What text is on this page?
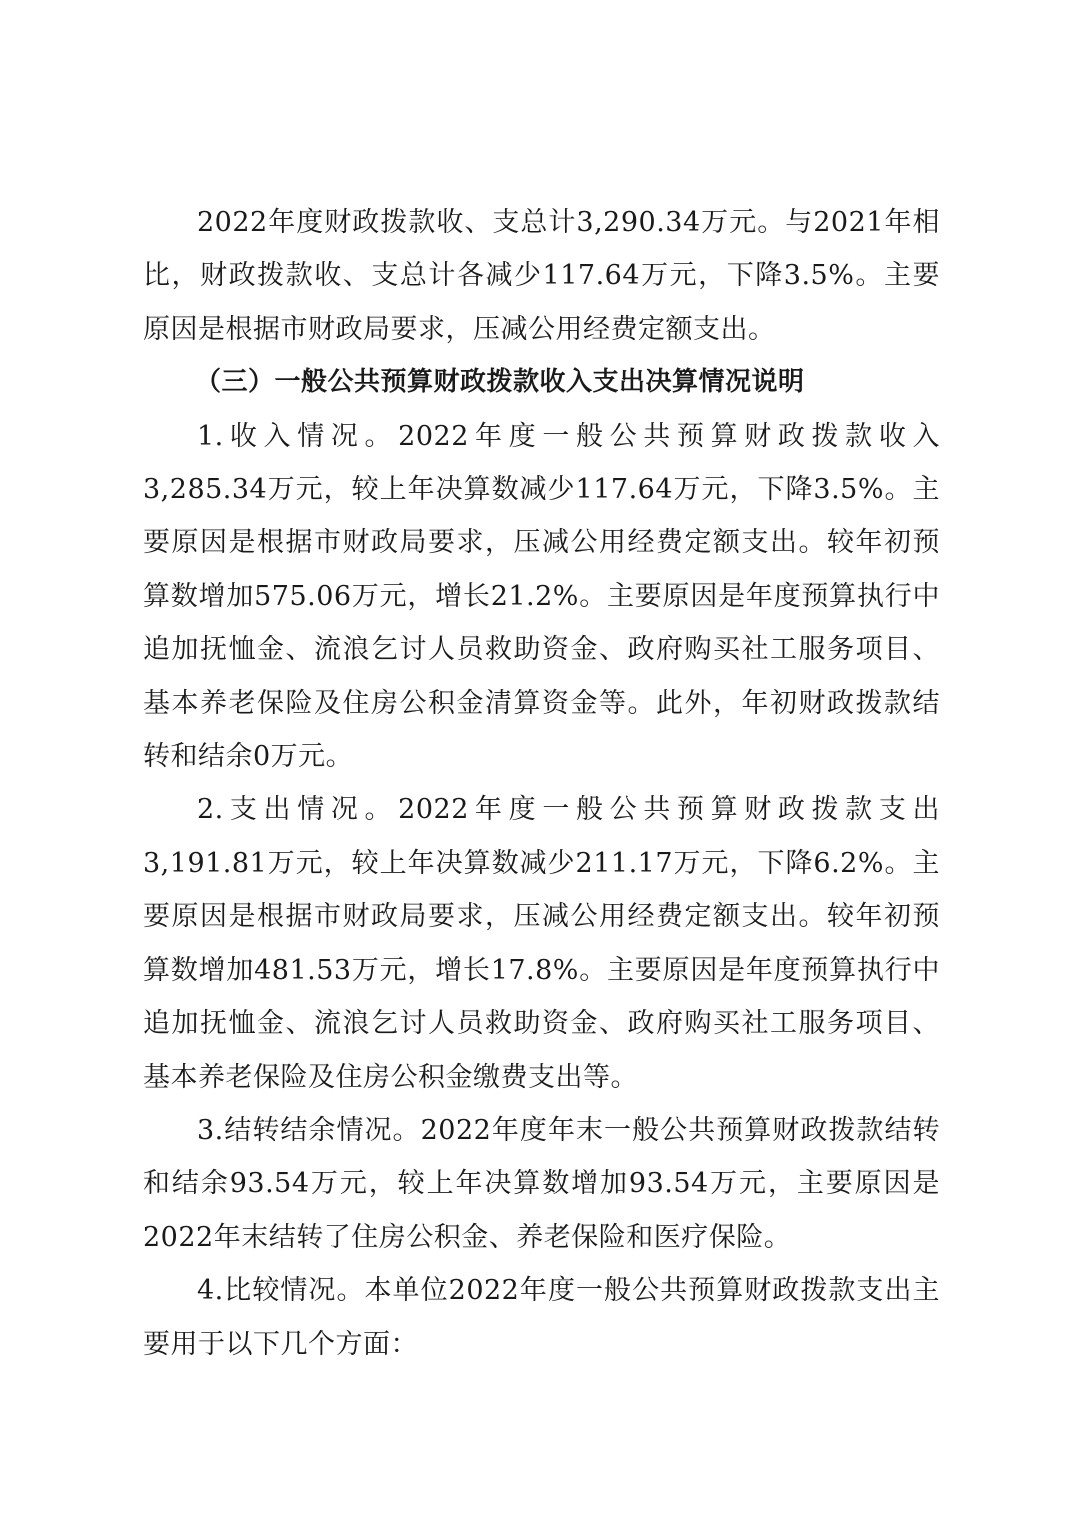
2022年度财政拨款收、支总计3,290.34万元。与2021年相比，财政拨款收、支总计各减少117.64万元，下降3.5%。主要原因是根据市财政局要求，压减公用经费定额支出。

（三）一般公共预算财政拨款收入支出决算情况说明

1.收入情况。2022年度一般公共预算财政拨款收入3,285.34万元，较上年决算数减少117.64万元，下降3.5%。主要原因是根据市财政局要求，压减公用经费定额支出。较年初预算数增加575.06万元，增长21.2%。主要原因是年度预算执行中追加抚恤金、流浪乞讨人员救助资金、政府购买社工服务项目、基本养老保险及住房公积金清算资金等。此外，年初财政拨款结转和结余0万元。

2.支出情况。2022年度一般公共预算财政拨款支出3,191.81万元，较上年决算数减少211.17万元，下降6.2%。主要原因是根据市财政局要求，压减公用经费定额支出。较年初预算数增加481.53万元，增长17.8%。主要原因是年度预算执行中追加抚恤金、流浪乞讨人员救助资金、政府购买社工服务项目、基本养老保险及住房公积金缴费支出等。

3.结转结余情况。2022年度年末一般公共预算财政拨款结转和结余93.54万元，较上年决算数增加93.54万元，主要原因是2022年末结转了住房公积金、养老保险和医疗保险。

4.比较情况。本单位2022年度一般公共预算财政拨款支出主要用于以下几个方面：
